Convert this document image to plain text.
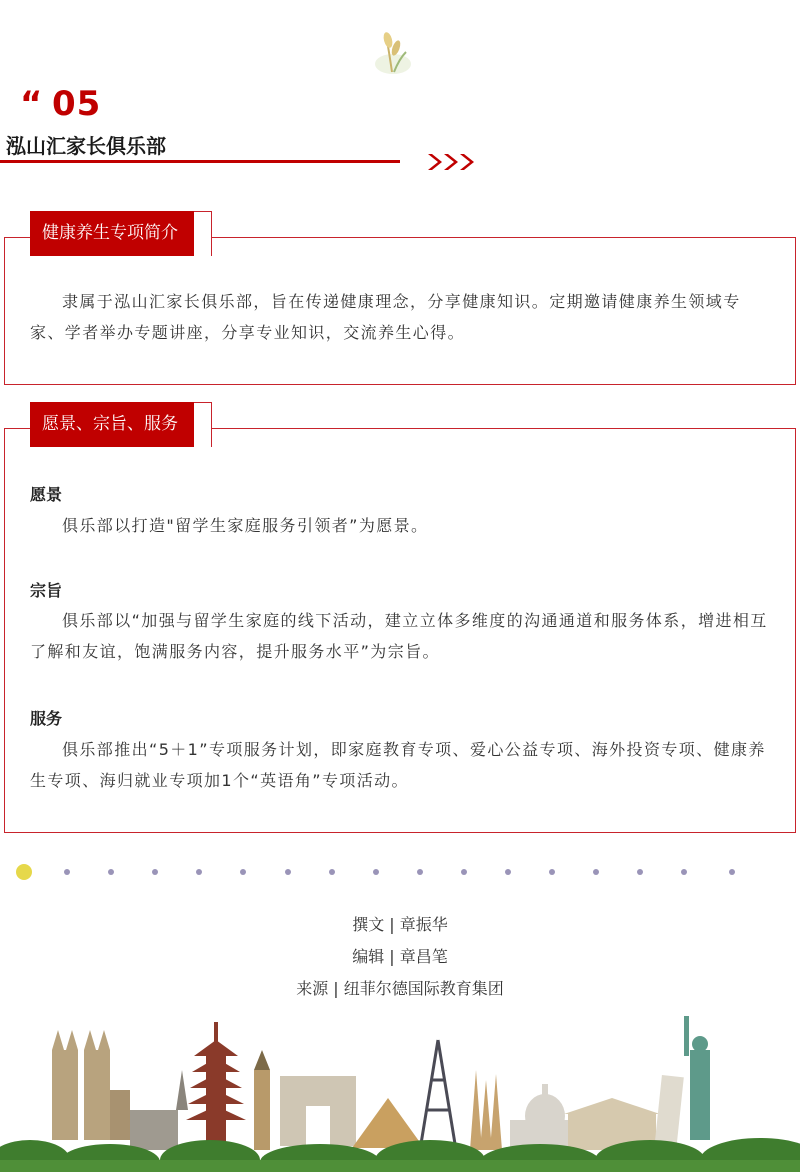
“ 05
泓山汇家长俱乐部
健康养生专项简介
隶属于泓山汇家长俱乐部，旨在传递健康理念，分享健康知识。定期邀请健康养生领域专家、学者举办专题讲座，分享专业知识，交流养生心得。
愿景、宗旨、服务
愿景
俱乐部以打造"留学生家庭服务引领者”为愿景。
宗旨
俱乐部以“加强与留学生家庭的线下活动，建立立体多维度的沟通通道和服务体系，增进相互了解和友谊，饱满服务内容，提升服务水平”为宗旨。
服务
俱乐部推出“5＋1”专项服务计划，即家庭教育专项、爱心公益专项、海外投资专项、健康养生专项、海归就业专项加1个“英语角”专项活动。
撰文 | 章振华
编辑 | 章昌笔
来源 | 纽菲尔德国际教育集团
